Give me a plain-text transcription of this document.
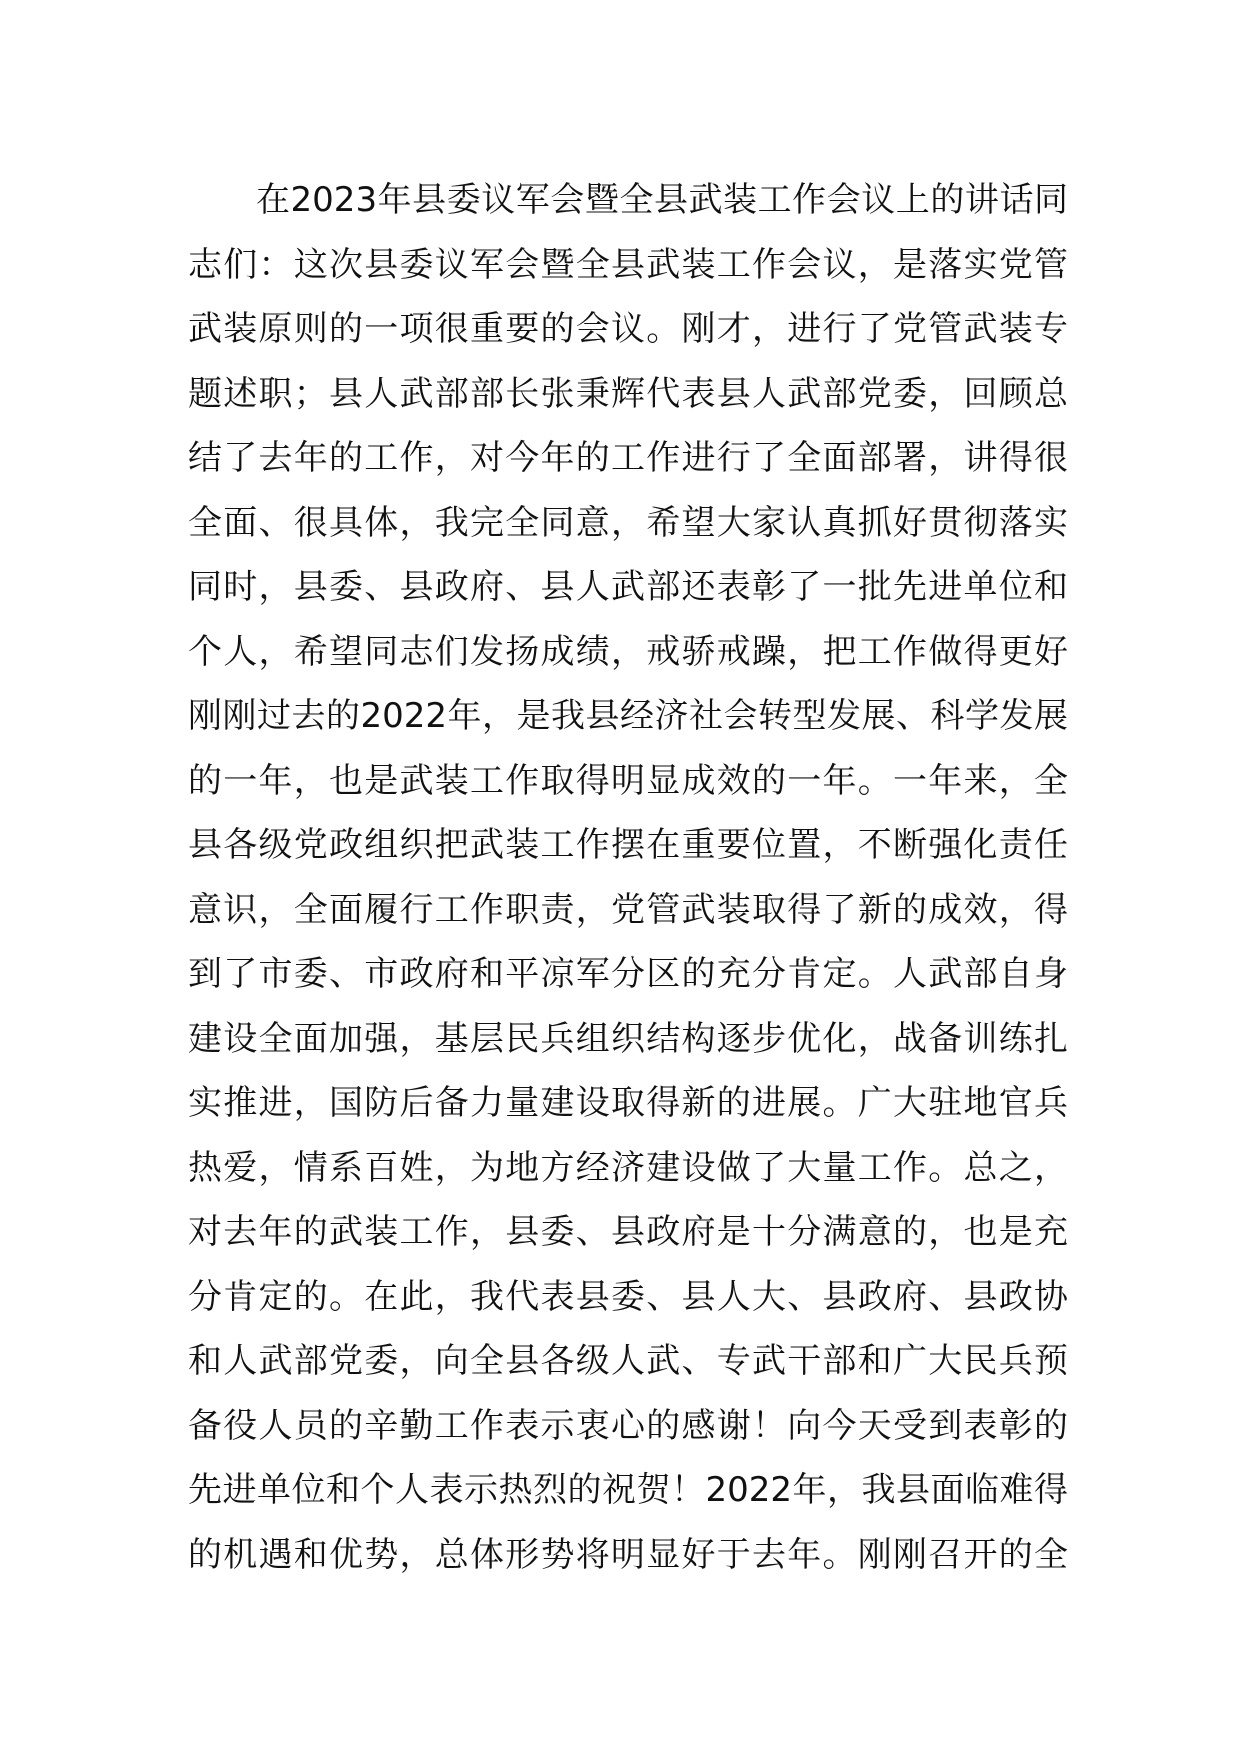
在2023年县委议军会暨全县武装工作会议上的讲话同
志们：这次县委议军会暨全县武装工作会议，是落实党管
武装原则的一项很重要的会议。刚才，进行了党管武装专
题述职；县人武部部长张秉辉代表县人武部党委，回顾总
结了去年的工作，对今年的工作进行了全面部署，讲得很
全面、很具体，我完全同意，希望大家认真抓好贯彻落实
同时，县委、县政府、县人武部还表彰了一批先进单位和
个人，希望同志们发扬成绩，戒骄戒躁，把工作做得更好
刚刚过去的2022年，是我县经济社会转型发展、科学发展
的一年，也是武装工作取得明显成效的一年。一年来，全
县各级党政组织把武装工作摆在重要位置，不断强化责任
意识，全面履行工作职责，党管武装取得了新的成效，得
到了市委、市政府和平凉军分区的充分肯定。人武部自身
建设全面加强，基层民兵组织结构逐步优化，战备训练扎
实推进，国防后备力量建设取得新的进展。广大驻地官兵
热爱，情系百姓，为地方经济建设做了大量工作。总之，
对去年的武装工作，县委、县政府是十分满意的，也是充
分肯定的。在此，我代表县委、县人大、县政府、县政协
和人武部党委，向全县各级人武、专武干部和广大民兵预
备役人员的辛勤工作表示衷心的感谢！向今天受到表彰的
先进单位和个人表示热烈的祝贺！2022年，我县面临难得
的机遇和优势，总体形势将明显好于去年。刚刚召开的全
